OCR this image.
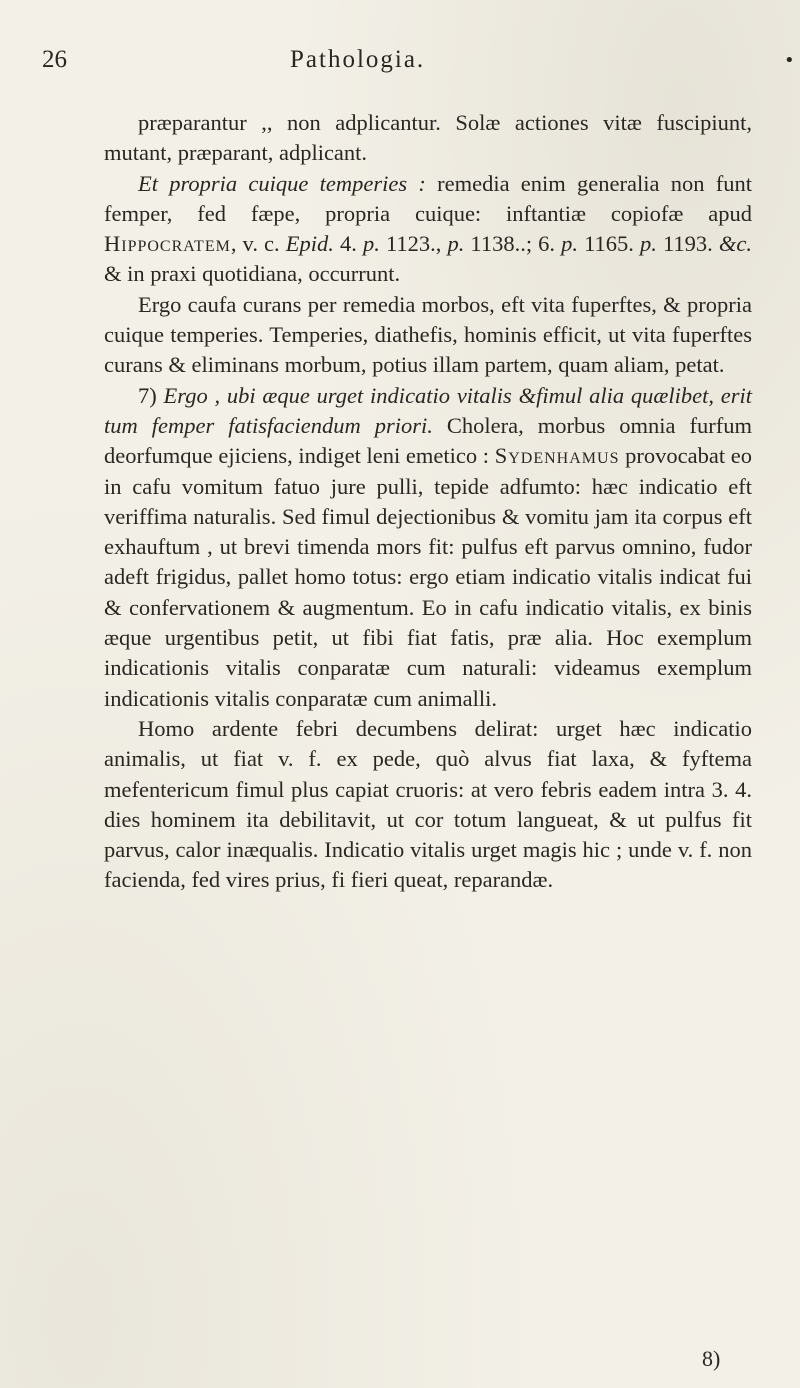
26	Pathologia.	•

præparantur ,, non adplicantur. Solæ actiones vitæ fuscipiunt, mutant, præparant, adplicant.

Et propria cuique temperies : remedia enim generalia non funt femper, fed fæpe, propria cuique: inftantiæ copiofæ apud Hippocratem, v. c. Epid. 4. p. 1123., p. 1138..; 6. p. 1165. p. 1193. &c. & in praxi quotidiana, occurrunt.

Ergo caufa curans per remedia morbos, eft vita fuperftes, & propria cuique temperies. Temperies, diathefis, hominis efficit, ut vita fuperftes curans & eliminans morbum, potius illam partem, quam aliam, petat.

7) Ergo , ubi æque urget indicatio vitalis &fimul alia quælibet, erit tum femper fatisfaciendum priori. Cholera, morbus omnia furfum deorfumque ejiciens, indiget leni emetico : Sydenhamus provocabat eo in cafu vomitum fatuo jure pulli, tepide adfumto: hæc indicatio eft veriffima naturalis. Sed fimul dejectionibus & vomitu jam ita corpus eft exhauftum , ut brevi timenda mors fit: pulfus eft parvus omnino, fudor adeft frigidus, pallet homo totus: ergo etiam indicatio vitalis indicat fui & confervationem & augmentum. Eo in cafu indicatio vitalis, ex binis æque urgentibus petit, ut fibi fiat fatis, præ alia. Hoc exemplum indicationis vitalis conparatæ cum naturali: videamus exemplum indicationis vitalis conparatæ cum animalli.

Homo ardente febri decumbens delirat: urget hæc indicatio animalis, ut fiat v. f. ex pede, quò alvus fiat laxa, & fyftema mefentericum fimul plus capiat cruoris: at vero febris eadem intra 3. 4. dies hominem ita debilitavit, ut cor totum langueat, & ut pulfus fit parvus, calor inæqualis. Indicatio vitalis urget magis hic ; unde v. f. non facienda, fed vires prius, fi fieri queat, reparandæ.

8)
